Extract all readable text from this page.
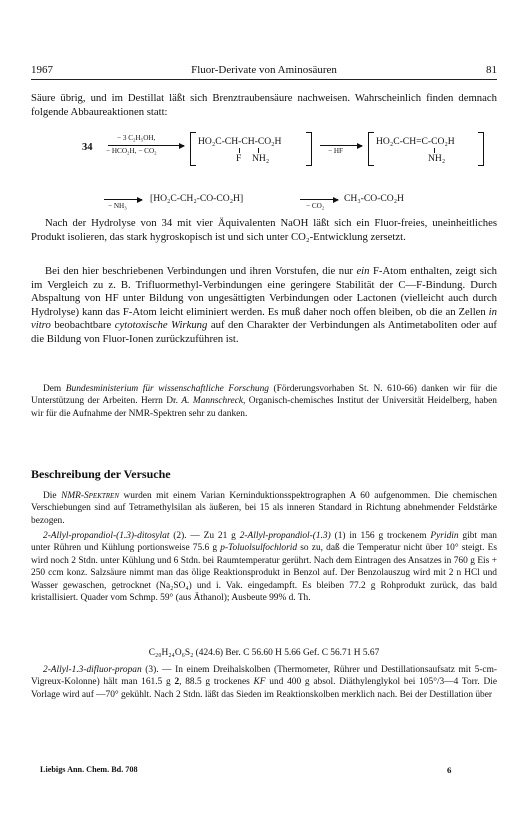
1967	Fluor-Derivate von Aminosäuren	81
Säure übrig, und im Destillat läßt sich Brenztraubensäure nachweisen. Wahrscheinlich finden demnach folgende Abbaureaktionen statt:
34
− 3 C₂H₅OH,
− HCO₂H, − CO₂
HO₂C-CH-CH-CO₂H
F NH₂
− HF
HO₂C-CH=C-CO₂H
NH₂
− NH₃
[HO₂C-CH₂-CO-CO₂H]
− CO₂
CH₃-CO-CO₂H
Nach der Hydrolyse von 34 mit vier Äquivalenten NaOH läßt sich ein Fluor-freies, uneinheitliches Produkt isolieren, das stark hygroskopisch ist und sich unter CO₂-Entwicklung zersetzt.
Bei den hier beschriebenen Verbindungen und ihren Vorstufen, die nur ein F-Atom enthalten, zeigt sich im Vergleich zu z. B. Trifluormethyl-Verbindungen eine geringere Stabilität der C—F-Bindung. Durch Abspaltung von HF unter Bildung von ungesättigten Verbindungen oder Lactonen (vielleicht auch durch Hydrolyse) kann das F-Atom leicht eliminiert werden. Es muß daher noch offen bleiben, ob die an Zellen in vitro beobachtbare cytotoxische Wirkung auf den Charakter der Verbindungen als Antimetaboliten oder auf die Bildung von Fluor-Ionen zurückzuführen ist.
Dem Bundesministerium für wissenschaftliche Forschung (Förderungsvorhaben St. N. 610-66) danken wir für die Unterstützung der Arbeiten. Herrn Dr. A. Mannschreck, Organisch-chemisches Institut der Universität Heidelberg, haben wir für die Aufnahme der NMR-Spektren sehr zu danken.
Beschreibung der Versuche
Die NMR-Spektren wurden mit einem Varian Kerninduktionsspektrographen A 60 aufgenommen. Die chemischen Verschiebungen sind auf Tetramethylsilan als äußeren, bei 15 als inneren Standard in Richtung abnehmender Feldstärke bezogen.
2-Allyl-propandiol-(1.3)-ditosylat (2). — Zu 21 g 2-Allyl-propandiol-(1.3) (1) in 156 g trockenem Pyridin gibt man unter Rühren und Kühlung portionsweise 75.6 g p-Toluolsulfochlorid so zu, daß die Temperatur nicht über 10° steigt. Es wird noch 2 Stdn. unter Kühlung und 6 Stdn. bei Raumtemperatur gerührt. Nach dem Eintragen des Ansatzes in 760 g Eis + 250 ccm konz. Salzsäure nimmt man das ölige Reaktionsprodukt in Benzol auf. Der Benzolauszug wird mit 2 n HCl und Wasser gewaschen, getrocknet (Na₂SO₄) und i. Vak. eingedampft. Es bleiben 77.2 g Rohprodukt zurück, das bald kristallisiert. Quader vom Schmp. 59° (aus Äthanol); Ausbeute 99% d. Th.
C₂₀H₂₄O₆S₂ (424.6) Ber. C 56.60 H 5.66 Gef. C 56.71 H 5.67
2-Allyl-1.3-difluor-propan (3). — In einem Dreihalskolben (Thermometer, Rührer und Destillationsaufsatz mit 5-cm-Vigreux-Kolonne) hält man 161.5 g 2, 88.5 g trockenes KF und 400 g absol. Diäthylenglykol bei 105°/3—4 Torr. Die Vorlage wird auf —70° gekühlt. Nach 2 Stdn. läßt das Sieden im Reaktionskolben merklich nach. Bei der Destillation über
Liebigs Ann. Chem. Bd. 708	6
